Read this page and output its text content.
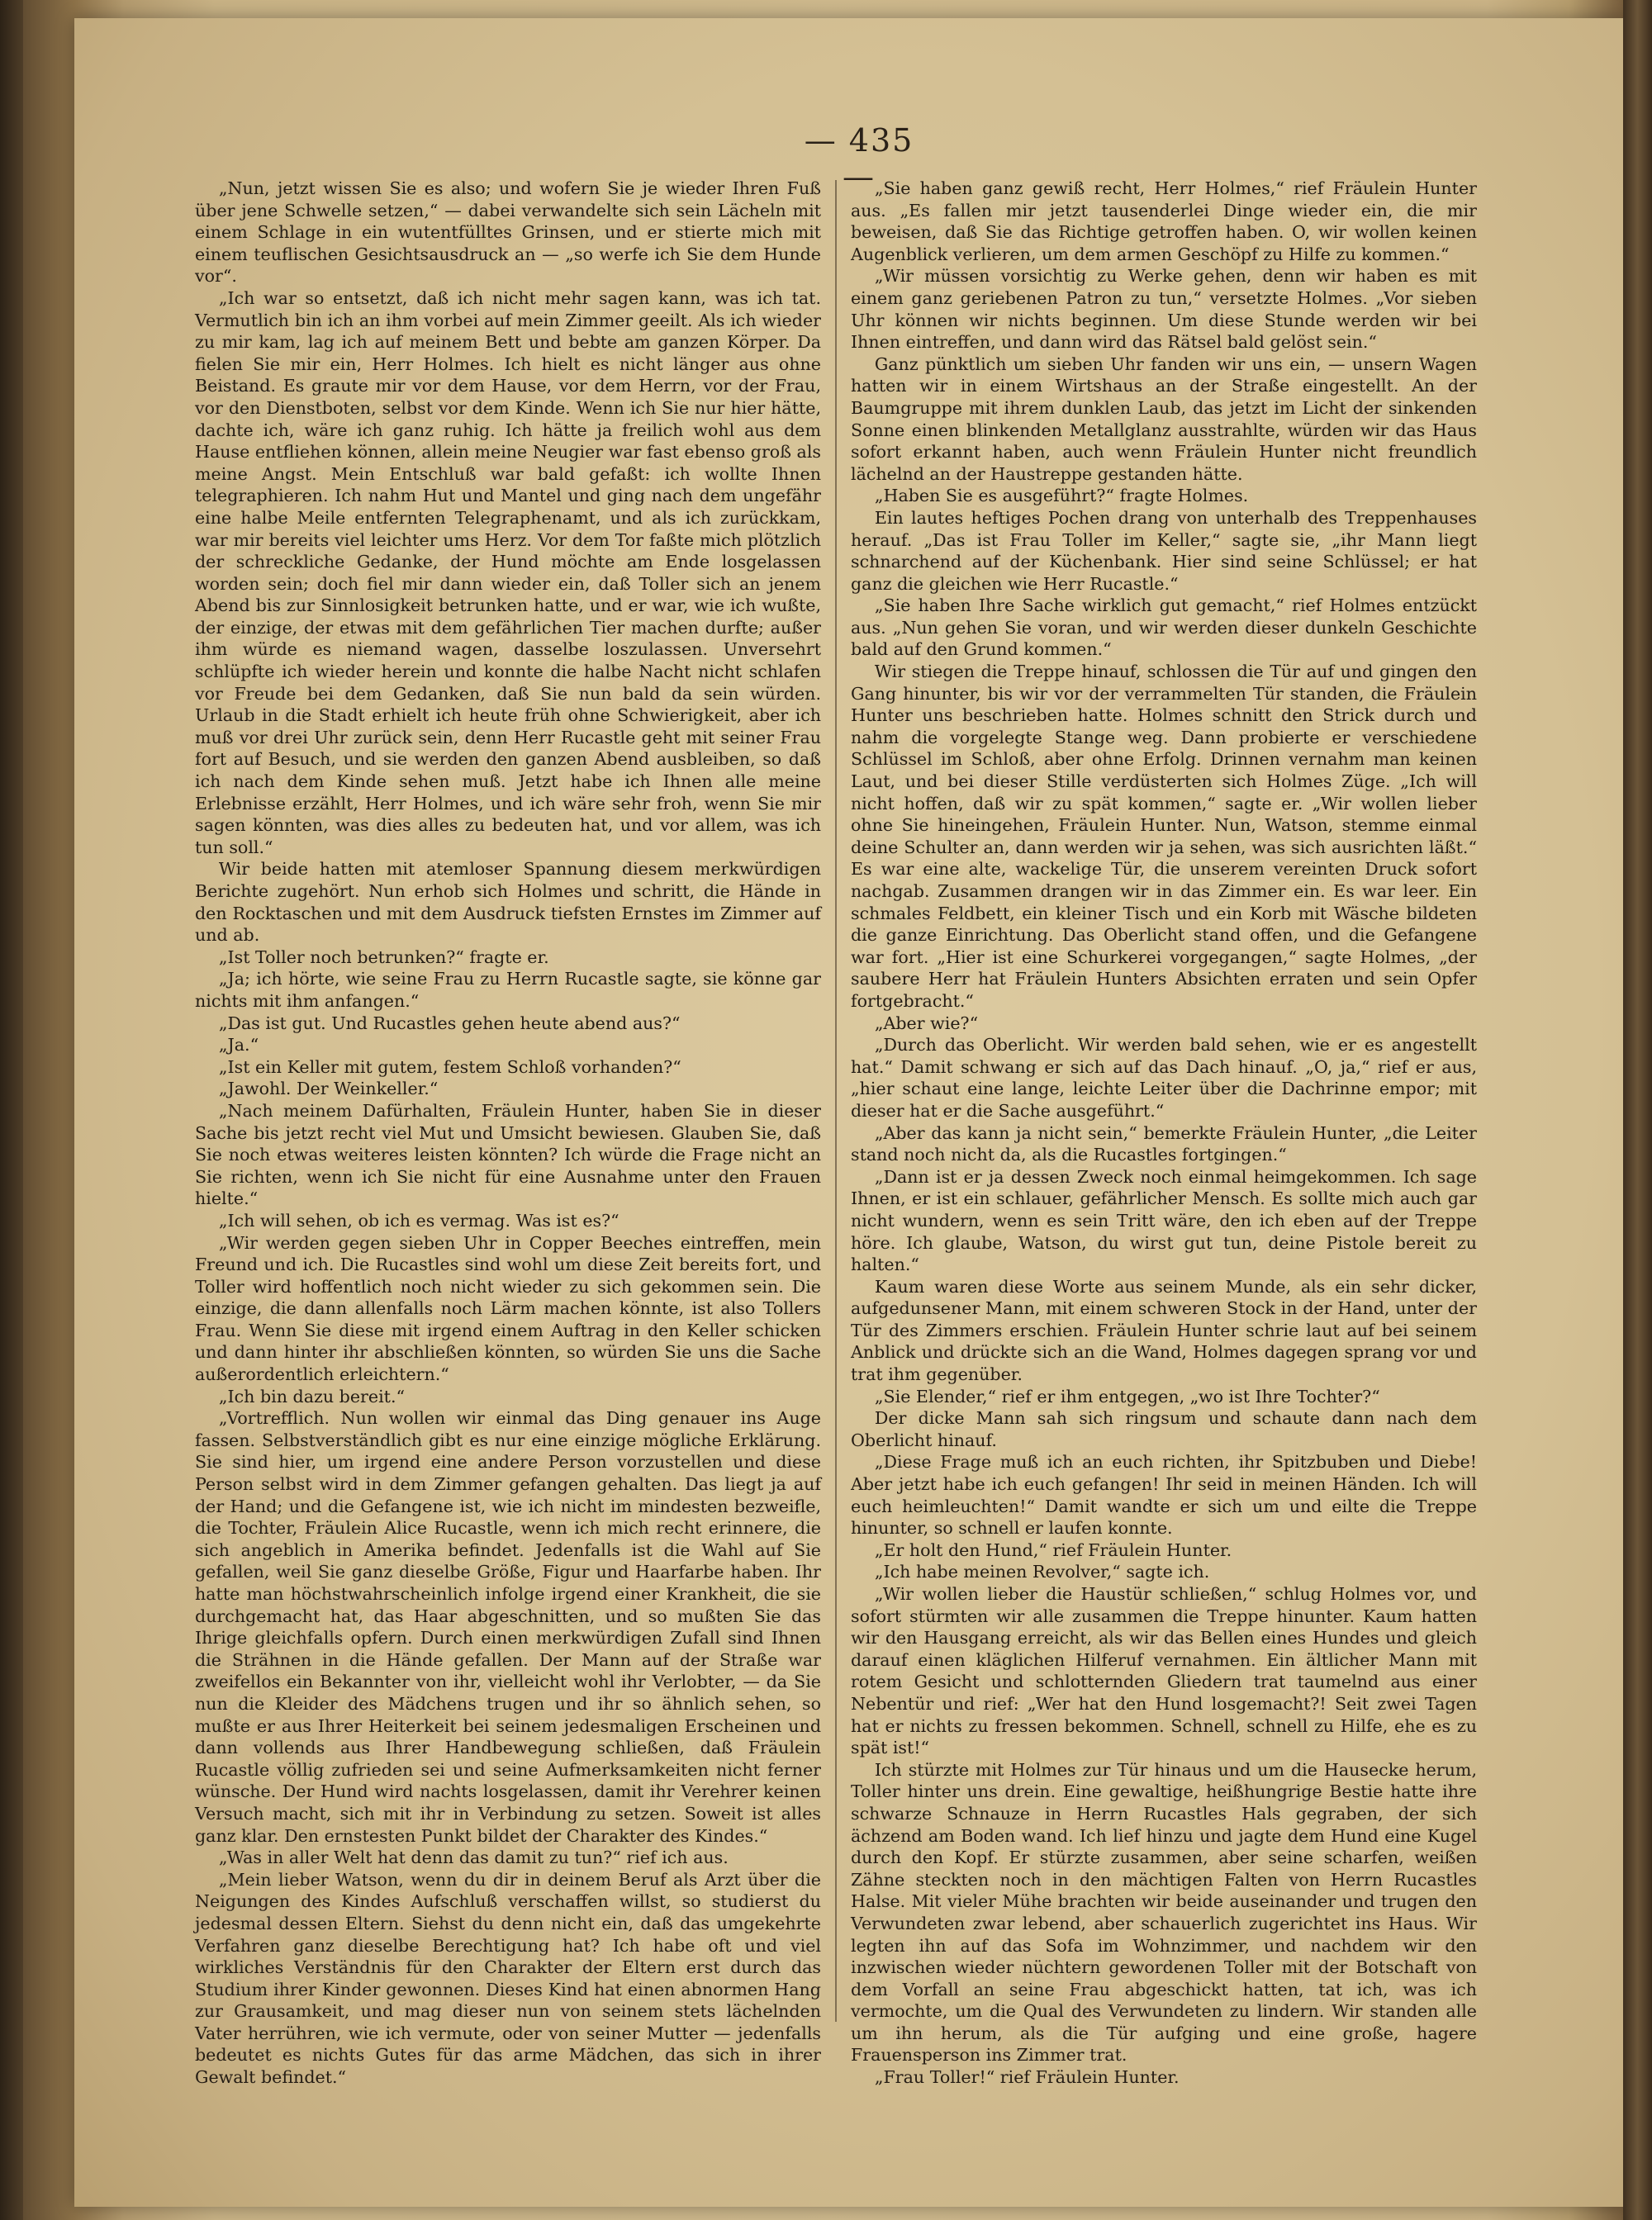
— 435 —

„Nun, jetzt wissen Sie es also; und wofern Sie je wieder Ihren Fuß über jene Schwelle setzen,“ — dabei verwandelte sich sein Lächeln mit einem Schlage in ein wutentfülltes Grinsen, und er stierte mich mit einem teuflischen Gesichtsausdruck an — „so werfe ich Sie dem Hunde vor“.

„Ich war so entsetzt, daß ich nicht mehr sagen kann, was ich tat. Vermutlich bin ich an ihm vorbei auf mein Zimmer geeilt. Als ich wieder zu mir kam, lag ich auf meinem Bett und bebte am ganzen Körper. Da fielen Sie mir ein, Herr Holmes. Ich hielt es nicht länger aus ohne Beistand. Es graute mir vor dem Hause, vor dem Herrn, vor der Frau, vor den Dienstboten, selbst vor dem Kinde. Wenn ich Sie nur hier hätte, dachte ich, wäre ich ganz ruhig. Ich hätte ja freilich wohl aus dem Hause entfliehen können, allein meine Neugier war fast ebenso groß als meine Angst. Mein Entschluß war bald gefaßt: ich wollte Ihnen telegraphieren. Ich nahm Hut und Mantel und ging nach dem ungefähr eine halbe Meile entfernten Telegraphenamt, und als ich zurückkam, war mir bereits viel leichter ums Herz. Vor dem Tor faßte mich plötzlich der schreckliche Gedanke, der Hund möchte am Ende losgelassen worden sein; doch fiel mir dann wieder ein, daß Toller sich an jenem Abend bis zur Sinnlosigkeit betrunken hatte, und er war, wie ich wußte, der einzige, der etwas mit dem gefährlichen Tier machen durfte; außer ihm würde es niemand wagen, dasselbe loszulassen. Unversehrt schlüpfte ich wieder herein und konnte die halbe Nacht nicht schlafen vor Freude bei dem Gedanken, daß Sie nun bald da sein würden. Urlaub in die Stadt erhielt ich heute früh ohne Schwierigkeit, aber ich muß vor drei Uhr zurück sein, denn Herr Rucastle geht mit seiner Frau fort auf Besuch, und sie werden den ganzen Abend ausbleiben, so daß ich nach dem Kinde sehen muß. Jetzt habe ich Ihnen alle meine Erlebnisse erzählt, Herr Holmes, und ich wäre sehr froh, wenn Sie mir sagen könnten, was dies alles zu bedeuten hat, und vor allem, was ich tun soll.“

Wir beide hatten mit atemloser Spannung diesem merkwürdigen Berichte zugehört. Nun erhob sich Holmes und schritt, die Hände in den Rocktaschen und mit dem Ausdruck tiefsten Ernstes im Zimmer auf und ab.

„Ist Toller noch betrunken?“ fragte er.

„Ja; ich hörte, wie seine Frau zu Herrn Rucastle sagte, sie könne gar nichts mit ihm anfangen.“

„Das ist gut. Und Rucastles gehen heute abend aus?“

„Ja.“

„Ist ein Keller mit gutem, festem Schloß vorhanden?“

„Jawohl. Der Weinkeller.“

„Nach meinem Dafürhalten, Fräulein Hunter, haben Sie in dieser Sache bis jetzt recht viel Mut und Umsicht bewiesen. Glauben Sie, daß Sie noch etwas weiteres leisten könnten? Ich würde die Frage nicht an Sie richten, wenn ich Sie nicht für eine Ausnahme unter den Frauen hielte.“

„Ich will sehen, ob ich es vermag. Was ist es?“

„Wir werden gegen sieben Uhr in Copper Beeches eintreffen, mein Freund und ich. Die Rucastles sind wohl um diese Zeit bereits fort, und Toller wird hoffentlich noch nicht wieder zu sich gekommen sein. Die einzige, die dann allenfalls noch Lärm machen könnte, ist also Tollers Frau. Wenn Sie diese mit irgend einem Auftrag in den Keller schicken und dann hinter ihr abschließen könnten, so würden Sie uns die Sache außerordentlich erleichtern.“

„Ich bin dazu bereit.“

„Vortrefflich. Nun wollen wir einmal das Ding genauer ins Auge fassen. Selbstverständlich gibt es nur eine einzige mögliche Erklärung. Sie sind hier, um irgend eine andere Person vorzustellen und diese Person selbst wird in dem Zimmer gefangen gehalten. Das liegt ja auf der Hand; und die Gefangene ist, wie ich nicht im mindesten bezweifle, die Tochter, Fräulein Alice Rucastle, wenn ich mich recht erinnere, die sich angeblich in Amerika befindet. Jedenfalls ist die Wahl auf Sie gefallen, weil Sie ganz dieselbe Größe, Figur und Haarfarbe haben. Ihr hatte man höchstwahrscheinlich infolge irgend einer Krankheit, die sie durchgemacht hat, das Haar abgeschnitten, und so mußten Sie das Ihrige gleichfalls opfern. Durch einen merkwürdigen Zufall sind Ihnen die Strähnen in die Hände gefallen. Der Mann auf der Straße war zweifellos ein Bekannter von ihr, vielleicht wohl ihr Verlobter, — da Sie nun die Kleider des Mädchens trugen und ihr so ähnlich sehen, so mußte er aus Ihrer Heiterkeit bei seinem jedesmaligen Erscheinen und dann vollends aus Ihrer Handbewegung schließen, daß Fräulein Rucastle völlig zufrieden sei und seine Aufmerksamkeiten nicht ferner wünsche. Der Hund wird nachts losgelassen, damit ihr Verehrer keinen Versuch macht, sich mit ihr in Verbindung zu setzen. Soweit ist alles ganz klar. Den ernstesten Punkt bildet der Charakter des Kindes.“

„Was in aller Welt hat denn das damit zu tun?“ rief ich aus.

„Mein lieber Watson, wenn du dir in deinem Beruf als Arzt über die Neigungen des Kindes Aufschluß verschaffen willst, so studierst du jedesmal dessen Eltern. Siehst du denn nicht ein, daß das umgekehrte Verfahren ganz dieselbe Berechtigung hat? Ich habe oft und viel wirkliches Verständnis für den Charakter der Eltern erst durch das Studium ihrer Kinder gewonnen. Dieses Kind hat einen abnormen Hang zur Grausamkeit, und mag dieser nun von seinem stets lächelnden Vater herrühren, wie ich vermute, oder von seiner Mutter — jedenfalls bedeutet es nichts Gutes für das arme Mädchen, das sich in ihrer Gewalt befindet.“

„Sie haben ganz gewiß recht, Herr Holmes,“ rief Fräulein Hunter aus. „Es fallen mir jetzt tausenderlei Dinge wieder ein, die mir beweisen, daß Sie das Richtige getroffen haben. O, wir wollen keinen Augenblick verlieren, um dem armen Geschöpf zu Hilfe zu kommen.“

„Wir müssen vorsichtig zu Werke gehen, denn wir haben es mit einem ganz geriebenen Patron zu tun,“ versetzte Holmes. „Vor sieben Uhr können wir nichts beginnen. Um diese Stunde werden wir bei Ihnen eintreffen, und dann wird das Rätsel bald gelöst sein.“

Ganz pünktlich um sieben Uhr fanden wir uns ein, — unsern Wagen hatten wir in einem Wirtshaus an der Straße eingestellt. An der Baumgruppe mit ihrem dunklen Laub, das jetzt im Licht der sinkenden Sonne einen blinkenden Metallglanz ausstrahlte, würden wir das Haus sofort erkannt haben, auch wenn Fräulein Hunter nicht freundlich lächelnd an der Haustreppe gestanden hätte.

„Haben Sie es ausgeführt?“ fragte Holmes.

Ein lautes heftiges Pochen drang von unterhalb des Treppenhauses herauf. „Das ist Frau Toller im Keller,“ sagte sie, „ihr Mann liegt schnarchend auf der Küchenbank. Hier sind seine Schlüssel; er hat ganz die gleichen wie Herr Rucastle.“

„Sie haben Ihre Sache wirklich gut gemacht,“ rief Holmes entzückt aus. „Nun gehen Sie voran, und wir werden dieser dunkeln Geschichte bald auf den Grund kommen.“

Wir stiegen die Treppe hinauf, schlossen die Tür auf und gingen den Gang hinunter, bis wir vor der verrammelten Tür standen, die Fräulein Hunter uns beschrieben hatte. Holmes schnitt den Strick durch und nahm die vorgelegte Stange weg. Dann probierte er verschiedene Schlüssel im Schloß, aber ohne Erfolg. Drinnen vernahm man keinen Laut, und bei dieser Stille verdüsterten sich Holmes Züge. „Ich will nicht hoffen, daß wir zu spät kommen,“ sagte er. „Wir wollen lieber ohne Sie hineingehen, Fräulein Hunter. Nun, Watson, stemme einmal deine Schulter an, dann werden wir ja sehen, was sich ausrichten läßt.“ Es war eine alte, wackelige Tür, die unserem vereinten Druck sofort nachgab. Zusammen drangen wir in das Zimmer ein. Es war leer. Ein schmales Feldbett, ein kleiner Tisch und ein Korb mit Wäsche bildeten die ganze Einrichtung. Das Oberlicht stand offen, und die Gefangene war fort. „Hier ist eine Schurkerei vorgegangen,“ sagte Holmes, „der saubere Herr hat Fräulein Hunters Absichten erraten und sein Opfer fortgebracht.“

„Aber wie?“

„Durch das Oberlicht. Wir werden bald sehen, wie er es angestellt hat.“ Damit schwang er sich auf das Dach hinauf. „O, ja,“ rief er aus, „hier schaut eine lange, leichte Leiter über die Dachrinne empor; mit dieser hat er die Sache ausgeführt.“

„Aber das kann ja nicht sein,“ bemerkte Fräulein Hunter, „die Leiter stand noch nicht da, als die Rucastles fortgingen.“

„Dann ist er ja dessen Zweck noch einmal heimgekommen. Ich sage Ihnen, er ist ein schlauer, gefährlicher Mensch. Es sollte mich auch gar nicht wundern, wenn es sein Tritt wäre, den ich eben auf der Treppe höre. Ich glaube, Watson, du wirst gut tun, deine Pistole bereit zu halten.“

Kaum waren diese Worte aus seinem Munde, als ein sehr dicker, aufgedunsener Mann, mit einem schweren Stock in der Hand, unter der Tür des Zimmers erschien. Fräulein Hunter schrie laut auf bei seinem Anblick und drückte sich an die Wand, Holmes dagegen sprang vor und trat ihm gegenüber.

„Sie Elender,“ rief er ihm entgegen, „wo ist Ihre Tochter?“

Der dicke Mann sah sich ringsum und schaute dann nach dem Oberlicht hinauf.

„Diese Frage muß ich an euch richten, ihr Spitzbuben und Diebe! Aber jetzt habe ich euch gefangen! Ihr seid in meinen Händen. Ich will euch heimleuchten!“ Damit wandte er sich um und eilte die Treppe hinunter, so schnell er laufen konnte.

„Er holt den Hund,“ rief Fräulein Hunter.

„Ich habe meinen Revolver,“ sagte ich.

„Wir wollen lieber die Haustür schließen,“ schlug Holmes vor, und sofort stürmten wir alle zusammen die Treppe hinunter. Kaum hatten wir den Hausgang erreicht, als wir das Bellen eines Hundes und gleich darauf einen kläglichen Hilferuf vernahmen. Ein ältlicher Mann mit rotem Gesicht und schlotternden Gliedern trat taumelnd aus einer Nebentür und rief: „Wer hat den Hund losgemacht?! Seit zwei Tagen hat er nichts zu fressen bekommen. Schnell, schnell zu Hilfe, ehe es zu spät ist!“

Ich stürzte mit Holmes zur Tür hinaus und um die Hausecke herum, Toller hinter uns drein. Eine gewaltige, heißhungrige Bestie hatte ihre schwarze Schnauze in Herrn Rucastles Hals gegraben, der sich ächzend am Boden wand. Ich lief hinzu und jagte dem Hund eine Kugel durch den Kopf. Er stürzte zusammen, aber seine scharfen, weißen Zähne steckten noch in den mächtigen Falten von Herrn Rucastles Halse. Mit vieler Mühe brachten wir beide auseinander und trugen den Verwundeten zwar lebend, aber schauerlich zugerichtet ins Haus. Wir legten ihn auf das Sofa im Wohnzimmer, und nachdem wir den inzwischen wieder nüchtern gewordenen Toller mit der Botschaft von dem Vorfall an seine Frau abgeschickt hatten, tat ich, was ich vermochte, um die Qual des Verwundeten zu lindern. Wir standen alle um ihn herum, als die Tür aufging und eine große, hagere Frauensperson ins Zimmer trat.

„Frau Toller!“ rief Fräulein Hunter.
